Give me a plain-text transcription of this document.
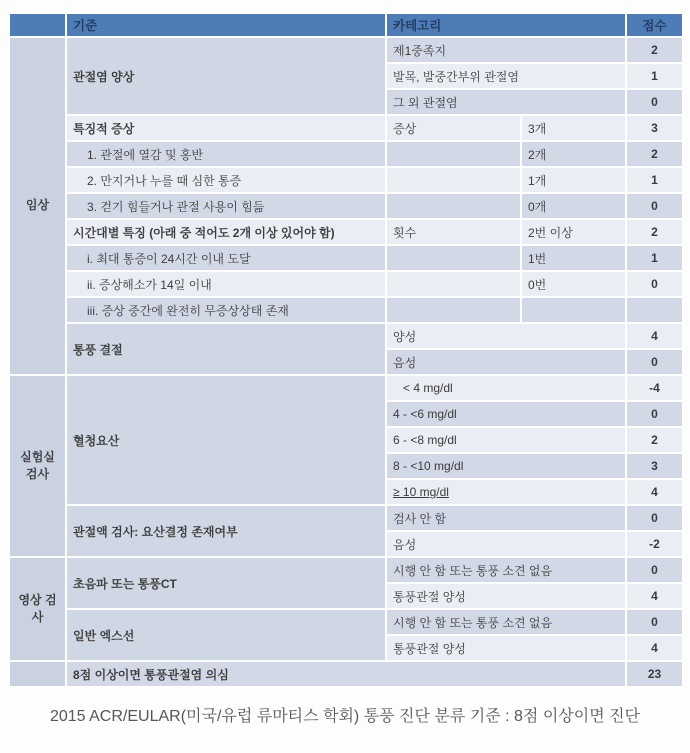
	기준	카테고리		점수
임상	관절염 양상	제1중족지		2
		발목, 발중간부위 관절염		1
		그 외 관절염		0
	특징적 증상	증상	3개	3
	1. 관절에 열감 및 홍반		2개	2
	2. 만지거나 누를 때 심한 통증		1개	1
	3. 걷기 힘들거나 관절 사용이 힘듦		0개	0
	시간대별 특징 (아래 중 적어도 2개 이상 있어야 함)	횟수	2번 이상	2
	i. 최대 통증이 24시간 이내 도달		1번	1
	ii. 증상해소가 14일 이내		0번	0
	iii. 증상 중간에 완전히 무증상상태 존재			
	통풍 결절	양성		4
		음성		0
실험실 검사	혈청요산	< 4 mg/dl		-4
		4 - <6 mg/dl		0
		6 - <8 mg/dl		2
		8 - <10 mg/dl		3
		≥ 10 mg/dl		4
	관절액 검사: 요산결정 존재여부	검사 안 함		0
		음성		-2
영상 검사	초음파 또는 통풍CT	시행 안 함 또는 통풍 소견 없음		0
		통풍관절 양성		4
	일반 엑스선	시행 안 함 또는 통풍 소견 없음		0
		통풍관절 양성		4
	8점 이상이면 통풍관절염 의심			23
2015 ACR/EULAR(미국/유럽 류마티스 학회) 통풍 진단 분류 기준 : 8점 이상이면 진단
